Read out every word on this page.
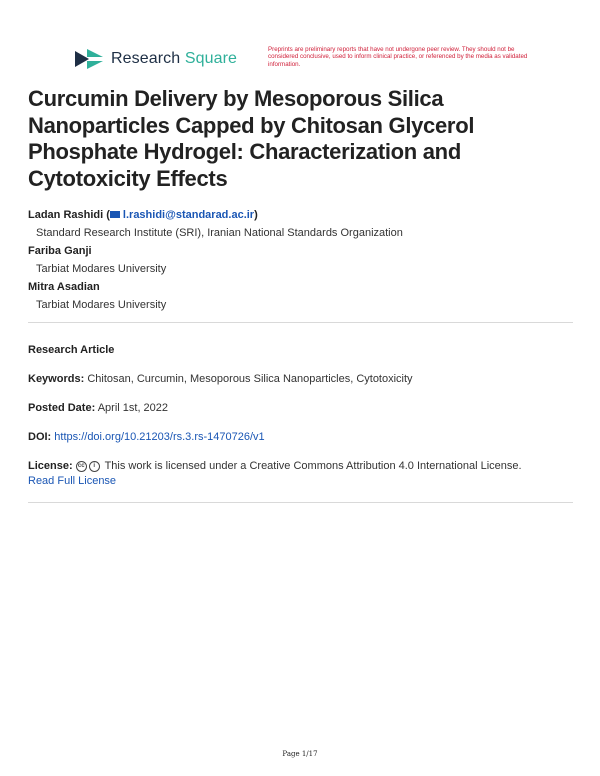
Research Square
Preprints are preliminary reports that have not undergone peer review. They should not be considered conclusive, used to inform clinical practice, or referenced by the media as validated information.
Curcumin Delivery by Mesoporous Silica Nanoparticles Capped by Chitosan Glycerol Phosphate Hydrogel: Characterization and Cytotoxicity Effects
Ladan Rashidi ( l.rashidi@standarad.ac.ir)
Standard Research Institute (SRI), Iranian National Standards Organization
Fariba Ganji
Tarbiat Modares University
Mitra Asadian
Tarbiat Modares University
Research Article
Keywords: Chitosan, Curcumin, Mesoporous Silica Nanoparticles, Cytotoxicity
Posted Date: April 1st, 2022
DOI: https://doi.org/10.21203/rs.3.rs-1470726/v1
License: cc i This work is licensed under a Creative Commons Attribution 4.0 International License.
Read Full License
Page 1/17
